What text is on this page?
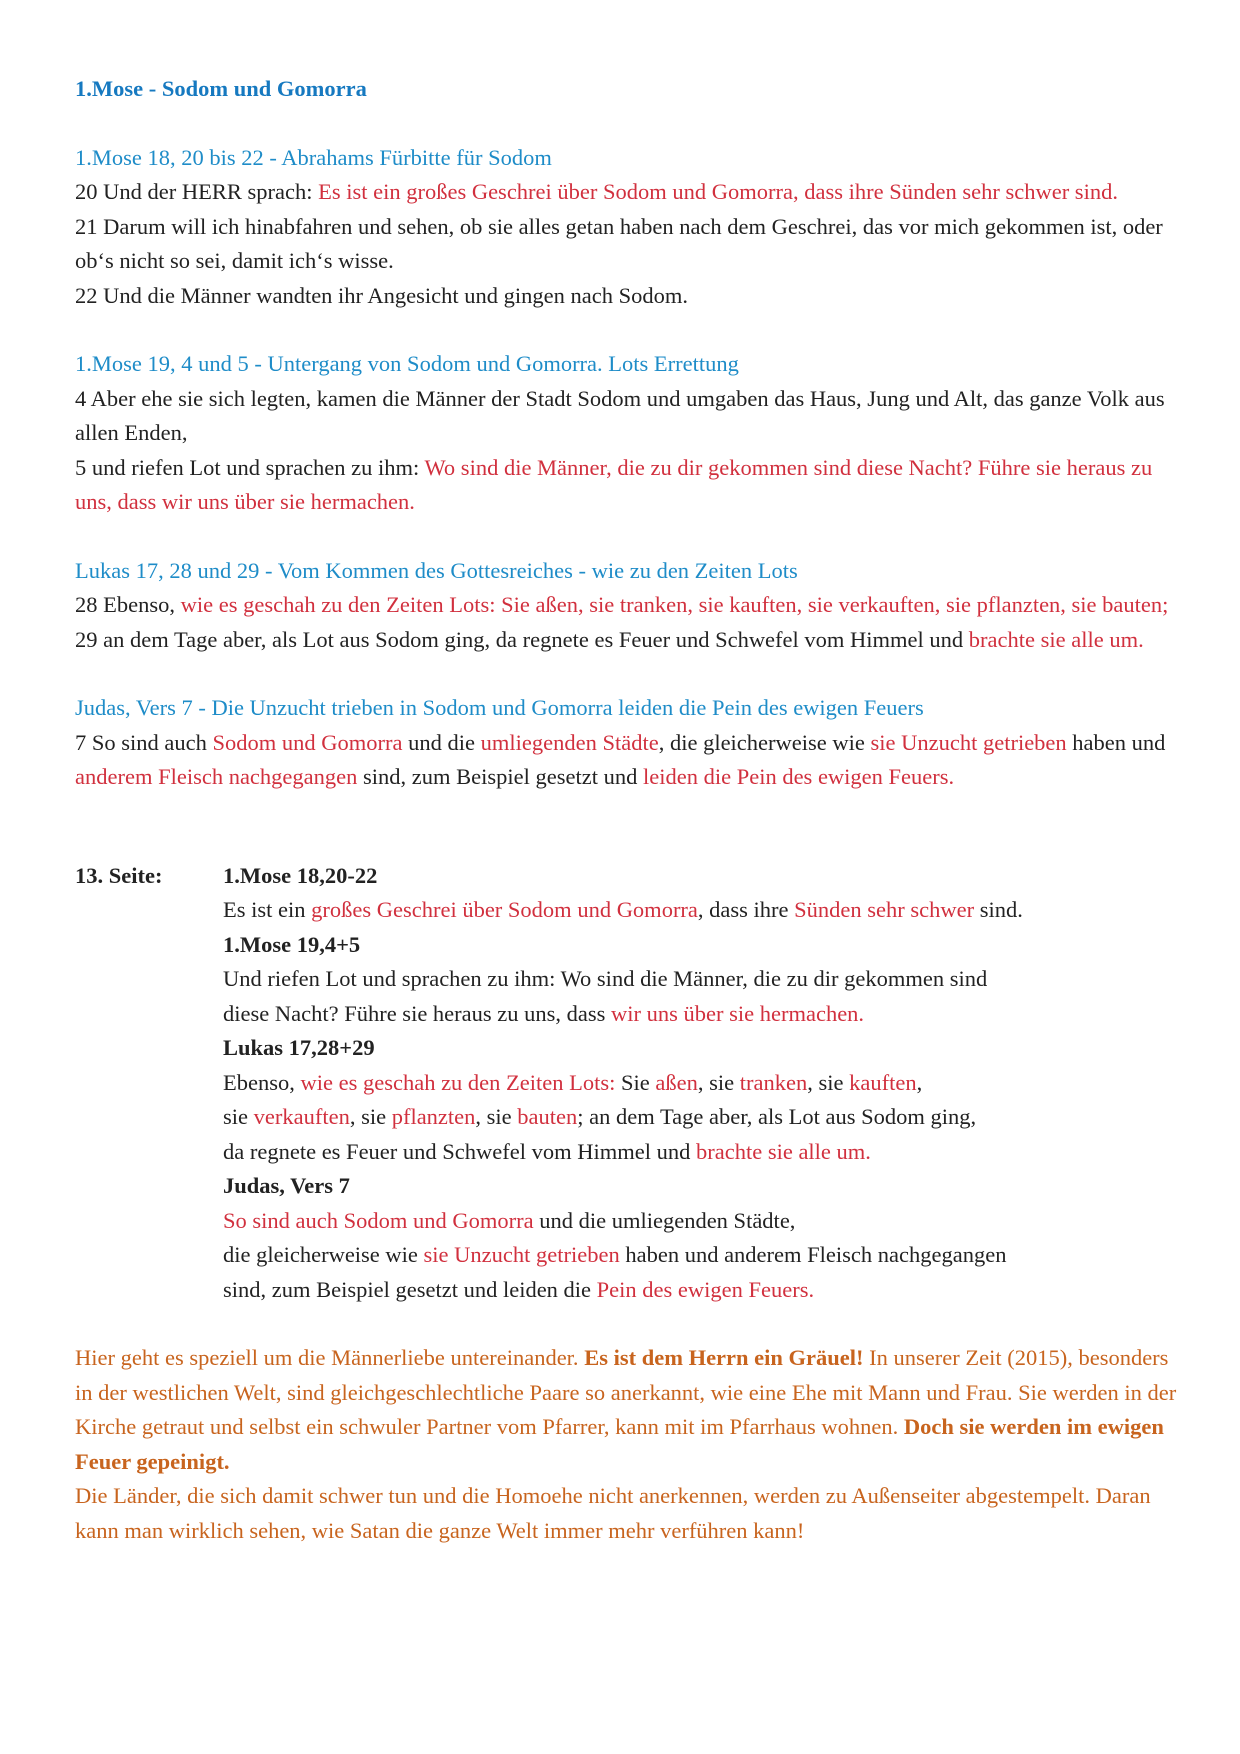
1.Mose - Sodom und Gomorra

1.Mose 18, 20 bis 22 - Abrahams Fürbitte für Sodom

20 Und der HERR sprach: Es ist ein großes Geschrei über Sodom und Gomorra, dass ihre Sünden sehr schwer sind.

21 Darum will ich hinabfahren und sehen, ob sie alles getan haben nach dem Geschrei, das vor mich gekommen ist, oder ob‘s nicht so sei, damit ich‘s wisse.

22 Und die Männer wandten ihr Angesicht und gingen nach Sodom.

1.Mose 19, 4 und 5 - Untergang von Sodom und Gomorra. Lots Errettung

4 Aber ehe sie sich legten, kamen die Männer der Stadt Sodom und umgaben das Haus, Jung und Alt, das ganze Volk aus allen Enden,

5 und riefen Lot und sprachen zu ihm: Wo sind die Männer, die zu dir gekommen sind diese Nacht? Führe sie heraus zu uns, dass wir uns über sie hermachen.

Lukas 17, 28 und 29 - Vom Kommen des Gottesreiches - wie zu den Zeiten Lots

28 Ebenso, wie es geschah zu den Zeiten Lots: Sie aßen, sie tranken, sie kauften, sie verkauften, sie pflanzten, sie bauten;

29 an dem Tage aber, als Lot aus Sodom ging, da regnete es Feuer und Schwefel vom Himmel und brachte sie alle um.

Judas, Vers 7 - Die Unzucht trieben in Sodom und Gomorra leiden die Pein des ewigen Feuers

7 So sind auch Sodom und Gomorra und die umliegenden Städte, die gleicherweise wie sie Unzucht getrieben haben und anderem Fleisch nachgegangen sind, zum Beispiel gesetzt und leiden die Pein des ewigen Feuers.

13. Seite:	1.Mose 18,20-22
Es ist ein großes Geschrei über Sodom und Gomorra, dass ihre Sünden sehr schwer sind.
1.Mose 19,4+5
Und riefen Lot und sprachen zu ihm: Wo sind die Männer, die zu dir gekommen sind
diese Nacht? Führe sie heraus zu uns, dass wir uns über sie hermachen.
Lukas 17,28+29
Ebenso, wie es geschah zu den Zeiten Lots: Sie aßen, sie tranken, sie kauften,
sie verkauften, sie pflanzten, sie bauten; an dem Tage aber, als Lot aus Sodom ging,
da regnete es Feuer und Schwefel vom Himmel und brachte sie alle um.
Judas, Vers 7
So sind auch Sodom und Gomorra und die umliegenden Städte,
die gleicherweise wie sie Unzucht getrieben haben und anderem Fleisch nachgegangen
sind, zum Beispiel gesetzt und leiden die Pein des ewigen Feuers.

Hier geht es speziell um die Männerliebe untereinander. Es ist dem Herrn ein Gräuel! In unserer Zeit (2015), besonders in der westlichen Welt, sind gleichgeschlechtliche Paare so anerkannt, wie eine Ehe mit Mann und Frau. Sie werden in der Kirche getraut und selbst ein schwuler Partner vom Pfarrer, kann mit im Pfarrhaus wohnen. Doch sie werden im ewigen Feuer gepeinigt.

Die Länder, die sich damit schwer tun und die Homoehe nicht anerkennen, werden zu Außenseiter abgestempelt. Daran kann man wirklich sehen, wie Satan die ganze Welt immer mehr verführen kann!
